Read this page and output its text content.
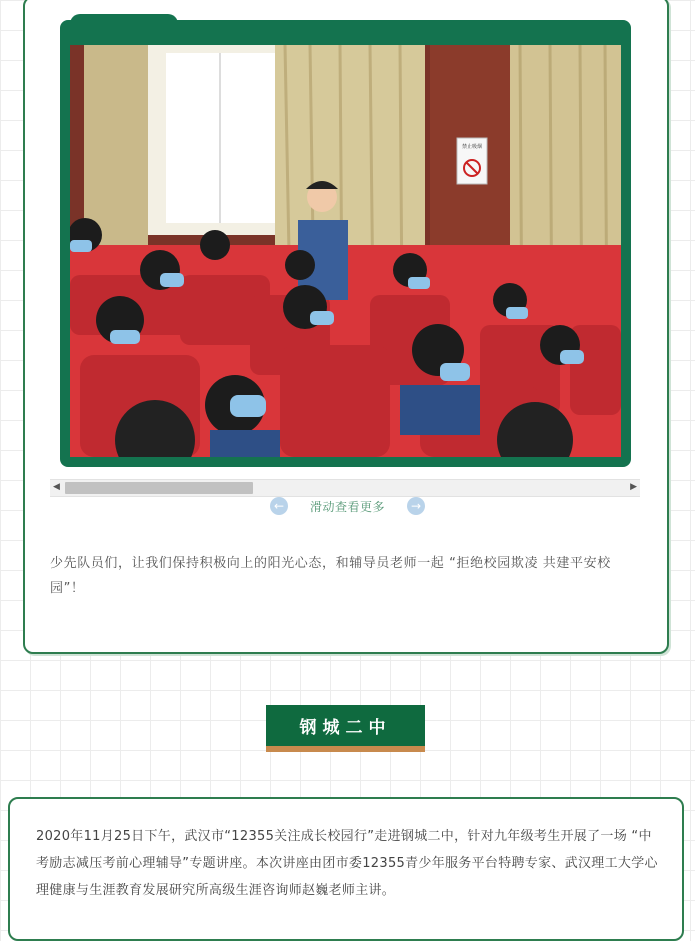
禁止吸烟
◀	▶
←	滑动查看更多	→
少先队员们，让我们保持积极向上的阳光心态，和辅导员老师一起 “拒绝校园欺凌 共建平安校园”！
钢城二中
2020年11月25日下午，武汉市“12355关注成长校园行”走进钢城二中，针对九年级考生开展了一场 “中考励志减压考前心理辅导”专题讲座。本次讲座由团市委12355青少年服务平台特聘专家、武汉理工大学心理健康与生涯教育发展研究所高级生涯咨询师赵巍老师主讲。
